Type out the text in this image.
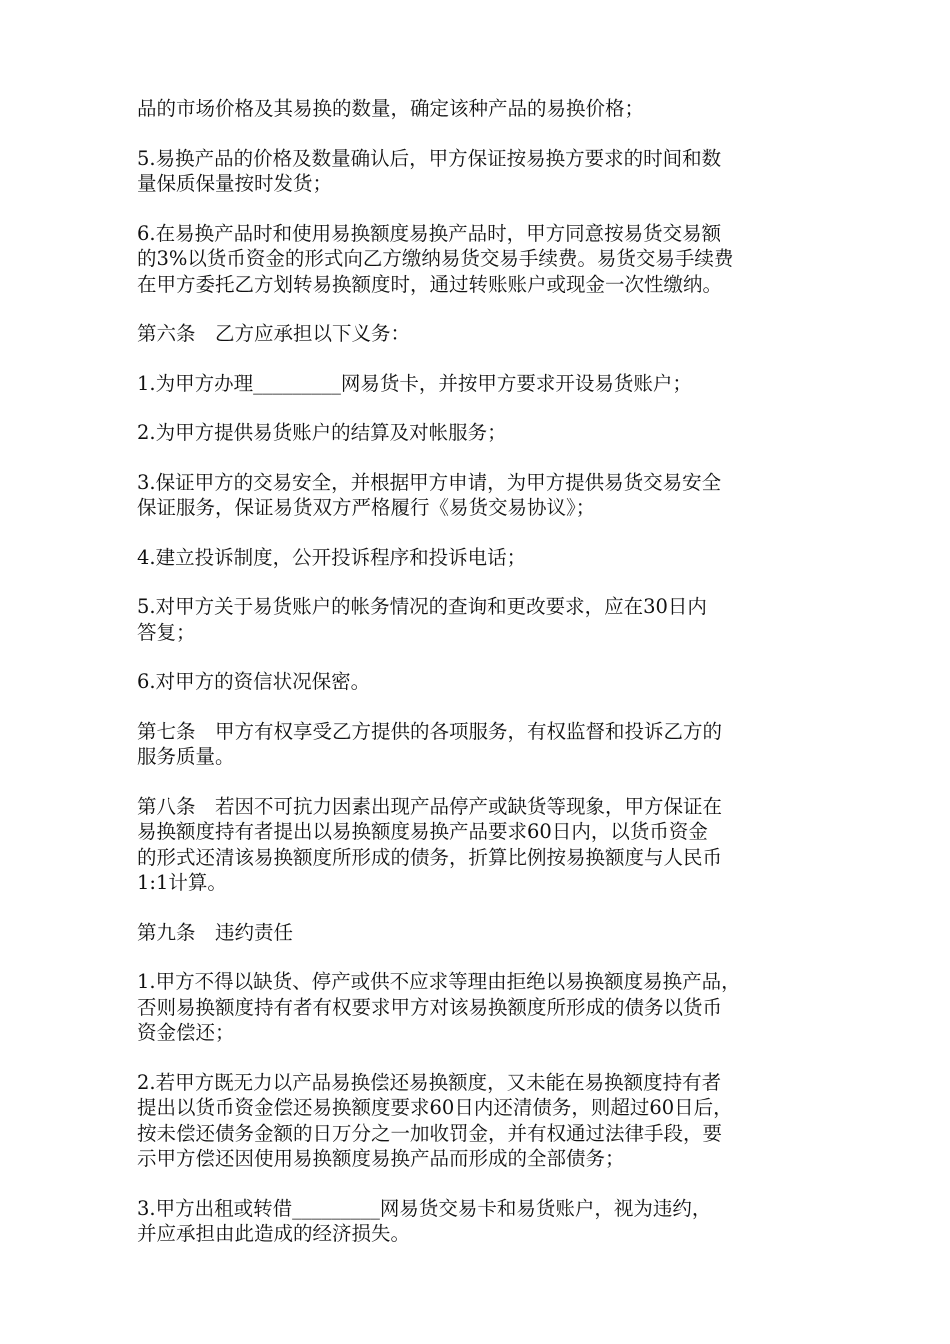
品的市场价格及其易换的数量，确定该种产品的易换价格；

5.易换产品的价格及数量确认后，甲方保证按易换方要求的时间和数
量保质保量按时发货；

6.在易换产品时和使用易换额度易换产品时，甲方同意按易货交易额
的3%以货币资金的形式向乙方缴纳易货交易手续费。易货交易手续费
在甲方委托乙方划转易换额度时，通过转账账户或现金一次性缴纳。

第六条　乙方应承担以下义务：

1.为甲方办理_________网易货卡，并按甲方要求开设易货账户；

2.为甲方提供易货账户的结算及对帐服务；

3.保证甲方的交易安全，并根据甲方申请，为甲方提供易货交易安全
保证服务，保证易货双方严格履行《易货交易协议》；

4.建立投诉制度，公开投诉程序和投诉电话；

5.对甲方关于易货账户的帐务情况的查询和更改要求，应在30日内
答复；

6.对甲方的资信状况保密。

第七条　甲方有权享受乙方提供的各项服务，有权监督和投诉乙方的
服务质量。

第八条　若因不可抗力因素出现产品停产或缺货等现象，甲方保证在
易换额度持有者提出以易换额度易换产品要求60日内，以货币资金
的形式还清该易换额度所形成的债务，折算比例按易换额度与人民币
1:1计算。

第九条　违约责任

1.甲方不得以缺货、停产或供不应求等理由拒绝以易换额度易换产品，
否则易换额度持有者有权要求甲方对该易换额度所形成的债务以货币
资金偿还；

2.若甲方既无力以产品易换偿还易换额度，又未能在易换额度持有者
提出以货币资金偿还易换额度要求60日内还清债务，则超过60日后，
按未偿还债务金额的日万分之一加收罚金，并有权通过法律手段，要
示甲方偿还因使用易换额度易换产品而形成的全部债务；

3.甲方出租或转借_________网易货交易卡和易货账户，视为违约，
并应承担由此造成的经济损失。
